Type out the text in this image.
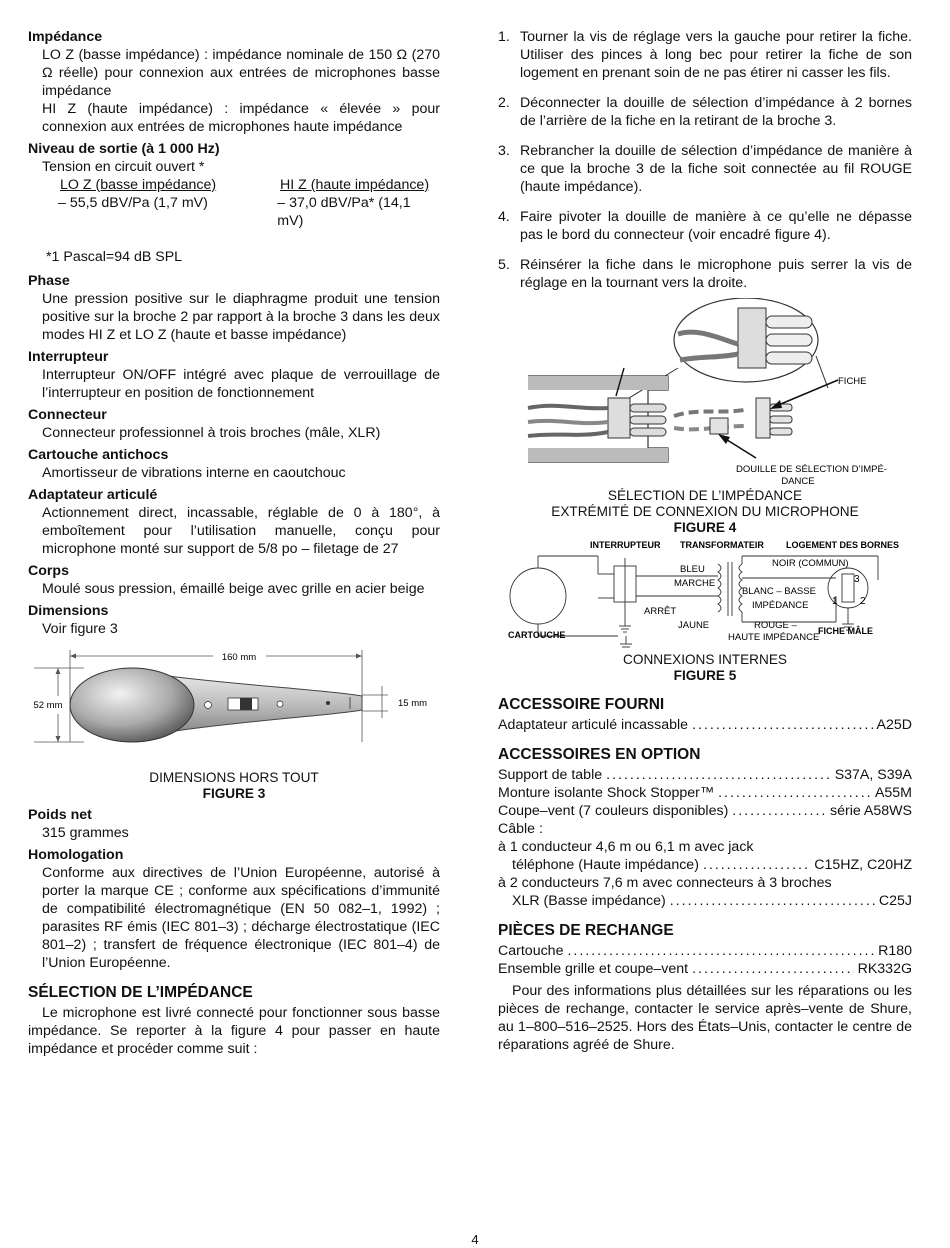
Impédance
LO Z (basse impédance) : impédance nominale de 150 Ω (270 Ω réelle) pour connexion aux entrées de microphones basse impédance
HI Z (haute impédance) : impédance « élevée » pour connexion aux entrées de microphones haute impédance
Niveau de sortie (à 1 000 Hz)
Tension en circuit ouvert *
LO Z (basse impédance)	HI Z (haute impédance)
– 55,5 dBV/Pa (1,7 mV)	– 37,0 dBV/Pa* (14,1 mV)
*1 Pascal=94 dB SPL
Phase
Une pression positive sur le diaphragme produit une tension positive sur la broche 2 par rapport à la broche 3 dans les deux modes HI Z et LO Z (haute et basse impédance)
Interrupteur
Interrupteur ON/OFF intégré avec plaque de verrouillage de l’interrupteur en position de fonctionnement
Connecteur
Connecteur professionnel à trois broches (mâle, XLR)
Cartouche antichocs
Amortisseur de vibrations interne en caoutchouc
Adaptateur articulé
Actionnement direct, incassable, réglable de 0 à 180°, à emboîtement pour l’utilisation manuelle, conçu pour microphone monté sur support de 5/8 po – filetage de 27
Corps
Moulé sous pression, émaillé beige avec grille en acier beige
Dimensions
Voir figure 3
160 mm
52 mm	15 mm
DIMENSIONS HORS TOUT
FIGURE 3
Poids net
315 grammes
Homologation
Conforme aux directives de l’Union Européenne, autorisé à porter la marque CE ; conforme aux spécifications d’immunité de compatibilité électromagnétique (EN 50 082–1, 1992) ; parasites RF émis (IEC 801–3) ; décharge électrostatique (IEC 801–2) ; transfert de fréquence électronique (IEC 801–4) de l’Union Européenne.
SÉLECTION DE L’IMPÉDANCE
Le microphone est livré connecté pour fonctionner sous basse impédance. Se reporter à la figure 4 pour passer en haute impédance et procéder comme suit :
1. Tourner la vis de réglage vers la gauche pour retirer la fiche. Utiliser des pinces à long bec pour retirer la fiche de son logement en prenant soin de ne pas étirer ni casser les fils.
2. Déconnecter la douille de sélection d’impédance à 2 bornes de l’arrière de la fiche en la retirant de la broche 3.
3. Rebrancher la douille de sélection d’impédance de manière à ce que la broche 3 de la fiche soit connectée au fil ROUGE (haute impédance).
4. Faire pivoter la douille de manière à ce qu’elle ne dépasse pas le bord du connecteur (voir encadré figure 4).
5. Réinsérer la fiche dans le microphone puis serrer la vis de réglage en la tournant vers la droite.
FICHE
DOUILLE DE SÉLECTION D’IMPÉ-
DANCE
SÉLECTION DE L’IMPÉDANCE
EXTRÉMITÉ DE CONNEXION DU MICROPHONE
FIGURE 4
INTERRUPTEUR TRANSFORMATEIR LOGEMENT DES BORNES
BLEU
MARCHE
ARRÊT
JAUNE
NOIR (COMMUN)
BLANC – BASSE
IMPÉDANCE
ROUGE –
HAUTE IMPÉDANCE
CARTOUCHE	FICHE MÂLE
1 2
3
CONNEXIONS INTERNES
FIGURE 5
ACCESSOIRE FOURNI
Adaptateur articulé incassable .....	A25D
ACCESSOIRES EN OPTION
Support de table .....	S37A, S39A
Monture isolante Shock Stopper™ .....	A55M
Coupe–vent (7 couleurs disponibles) .....	série A58WS
Câble :
à 1 conducteur 4,6 m ou 6,1 m avec jack
téléphone (Haute impédance) .....	C15HZ, C20HZ
à 2 conducteurs 7,6 m avec connecteurs à 3 broches
XLR (Basse impédance) .....	C25J
PIÈCES DE RECHANGE
Cartouche .....	R180
Ensemble grille et coupe–vent .....	RK332G
Pour des informations plus détaillées sur les réparations ou les pièces de rechange, contacter le service après–vente de Shure, au 1–800–516–2525. Hors des États–Unis, contacter le centre de réparations agréé de Shure.
4
